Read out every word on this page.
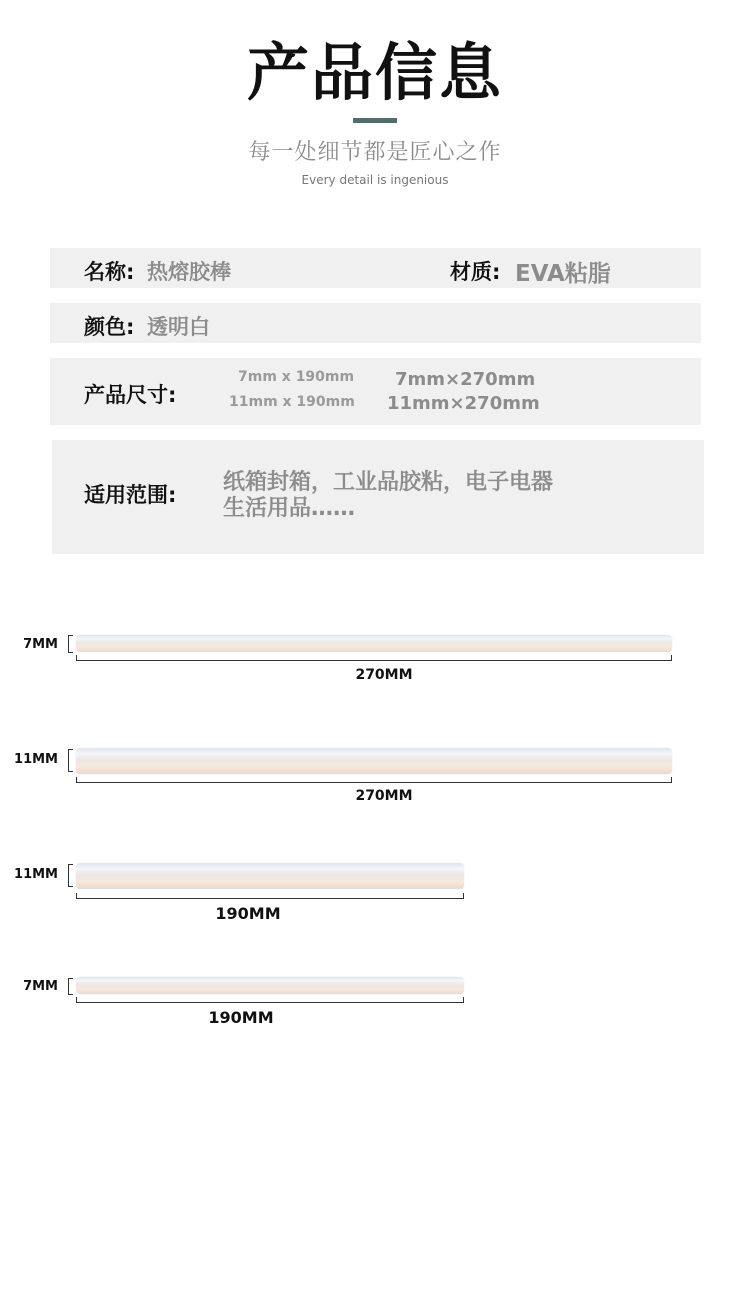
产品信息
每一处细节都是匠心之作
Every detail is ingenious
名称: 热熔胶棒	材质: EVA粘脂
颜色: 透明白
产品尺寸:
7mm x 190mm
11mm x 190mm
7mm×270mm
11mm×270mm
适用范围: 纸箱封箱，工业品胶粘，电子电器
生活用品……
7MM
270MM
11MM
270MM
11MM
190MM
7MM
190MM
